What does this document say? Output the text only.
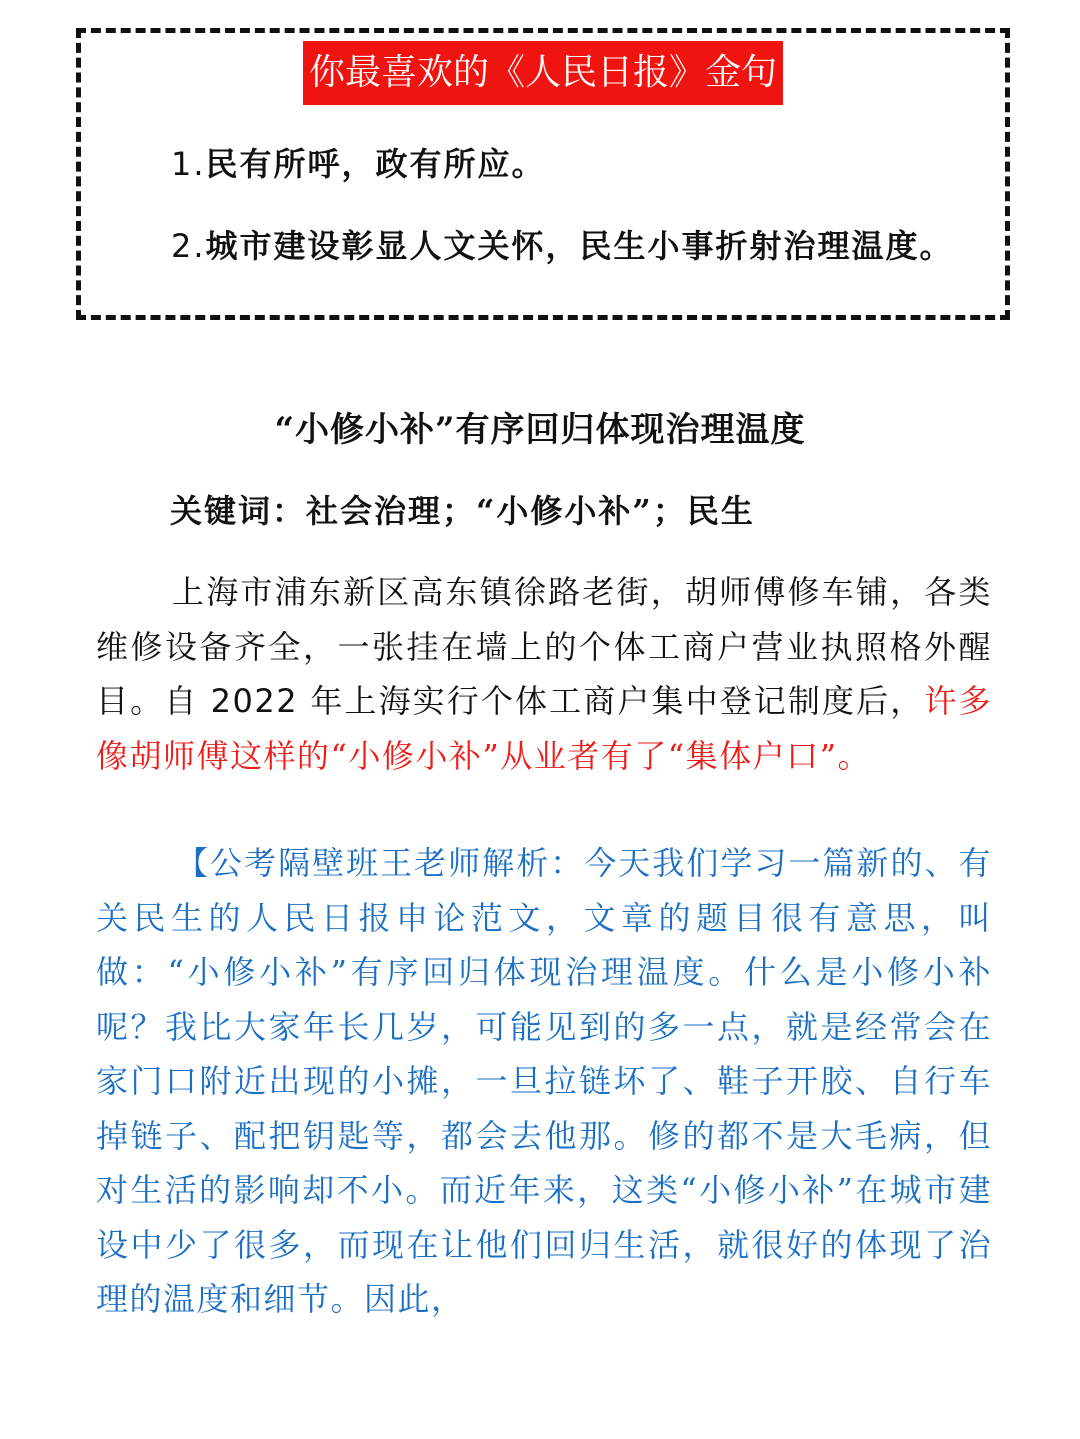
你最喜欢的《人民日报》金句
1.民有所呼，政有所应。
2.城市建设彰显人文关怀，民生小事折射治理温度。
“小修小补”有序回归体现治理温度
关键词：社会治理；“小修小补”；民生
上海市浦东新区高东镇徐路老街，胡师傅修车铺，各类维修设备齐全，一张挂在墙上的个体工商户营业执照格外醒目。自 2022 年上海实行个体工商户集中登记制度后，许多像胡师傅这样的“小修小补”从业者有了“集体户口”。
【公考隔壁班王老师解析：今天我们学习一篇新的、有关民生的人民日报申论范文，文章的题目很有意思，叫做：“小修小补”有序回归体现治理温度。什么是小修小补呢？我比大家年长几岁，可能见到的多一点，就是经常会在家门口附近出现的小摊，一旦拉链坏了、鞋子开胶、自行车掉链子、配把钥匙等，都会去他那。修的都不是大毛病，但对生活的影响却不小。而近年来，这类“小修小补”在城市建设中少了很多，而现在让他们回归生活，就很好的体现了治理的温度和细节。因此，
